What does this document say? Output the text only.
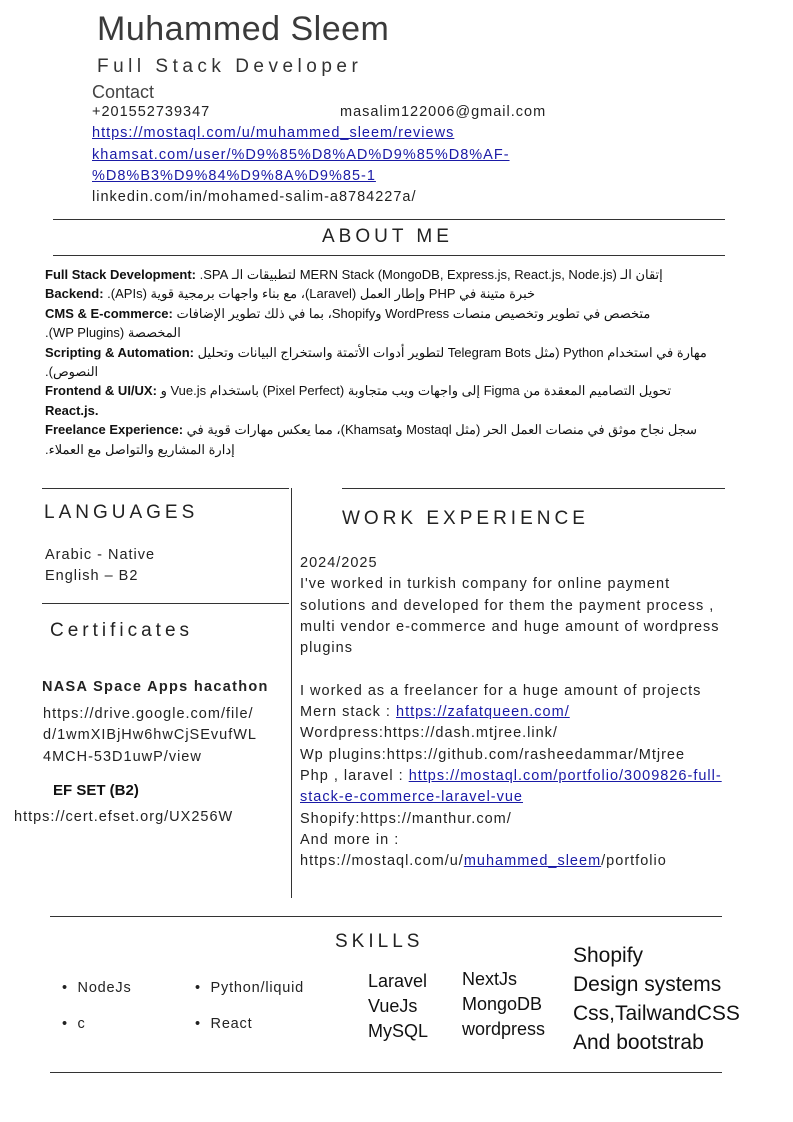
Muhammed Sleem
Full Stack Developer
Contact
+201552739347	masalim122006@gmail.com
https://mostaql.com/u/muhammed_sleem/reviews
khamsat.com/user/%D9%85%D8%AD%D9%85%D8%AF-
%D8%B3%D9%84%D9%8A%D9%85-1
linkedin.com/in/mohamed-salim-a8784227a/
ABOUT ME

Full Stack Development: إتقان الـ MERN Stack (MongoDB, Express.js, React.js, Node.js) لتطبيقات الـ SPA.

Backend: خبرة متينة في PHP وإطار العمل (Laravel)، مع بناء واجهات برمجية قوية (APIs).

CMS & E-commerce: متخصص في تطوير وتخصيص منصات WordPress وShopify، بما في ذلك تطوير الإضافات

المخصصة (WP Plugins).

Scripting & Automation: مهارة في استخدام Python (مثل Telegram Bots لتطوير أدوات الأتمتة واستخراج البيانات وتحليل

النصوص).

Frontend & UI/UX: تحويل التصاميم المعقدة من Figma إلى واجهات ويب متجاوبة (Pixel Perfect) باستخدام Vue.js و

React.js.

Freelance Experience: سجل نجاح موثق في منصات العمل الحر (مثل Mostaql وKhamsat)، مما يعكس مهارات قوية في

إدارة المشاريع والتواصل مع العملاء.

LANGUAGES
Arabic - Native
English – B2
Certificates
NASA Space Apps hacathon
https://drive.google.com/file/
d/1wmXIBjHw6hwCjSEvufWL
4MCH-53D1uwP/view
EF SET (B2)
https://cert.efset.org/UX256W
WORK EXPERIENCE
2024/2025
I've worked in turkish company for online payment
solutions and developed for them the payment process ,
multi vendor e-commerce and huge amount of wordpress
plugins
I worked as a freelancer for a huge amount of projects
Mern stack : https://zafatqueen.com/
Wordpress:https://dash.mtjree.link/
Wp plugins:https://github.com/rasheedammar/Mtjree
Php , laravel : https://mostaql.com/portfolio/3009826-full-
stack-e-commerce-laravel-vue
Shopify:https://manthur.com/
And more in :
https://mostaql.com/u/muhammed_sleem/portfolio
SKILLS
•  NodeJs
•  c
•  Python/liquid
•  React
Laravel
VueJs
MySQL
NextJs
MongoDB
wordpress
Shopify
Design systems
Css,TailwandCSS
And bootstrab
